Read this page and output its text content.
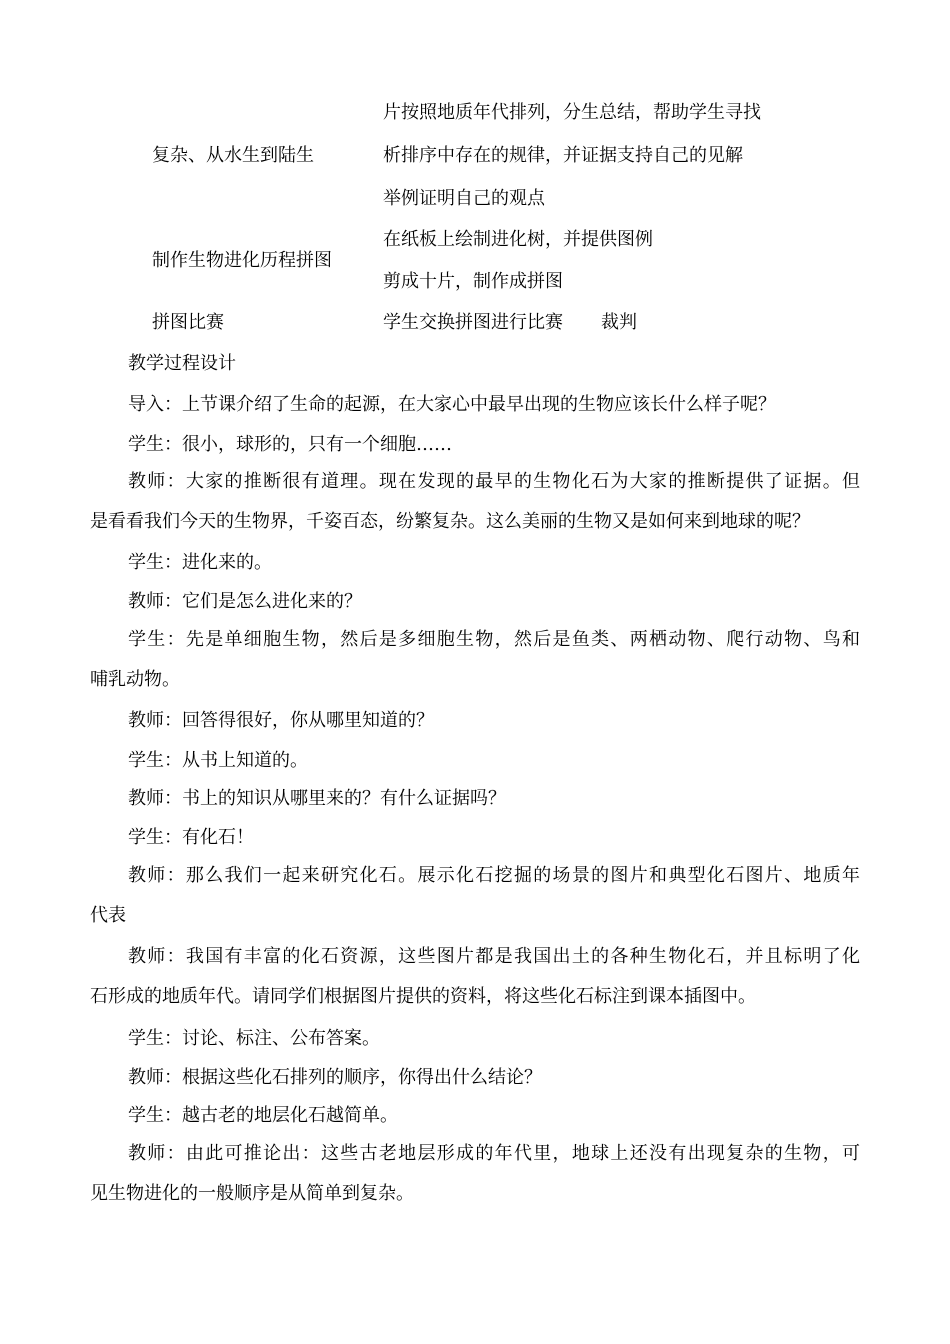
片按照地质年代排列，分生总结，帮助学生寻找
复杂、从水生到陆生	析排序中存在的规律，并证据支持自己的见解
举例证明自己的观点
在纸板上绘制进化树，并提供图例
制作生物进化历程拼图
剪成十片，制作成拼图
拼图比赛	学生交换拼图进行比赛 裁判
教学过程设计
导入：上节课介绍了生命的起源，在大家心中最早出现的生物应该长什么样子呢？
学生：很小，球形的，只有一个细胞……
教师：大家的推断很有道理。现在发现的最早的生物化石为大家的推断提供了证据。但
是看看我们今天的生物界，千姿百态，纷繁复杂。这么美丽的生物又是如何来到地球的呢？
学生：进化来的。
教师：它们是怎么进化来的？
学生：先是单细胞生物，然后是多细胞生物，然后是鱼类、两栖动物、爬行动物、鸟和
哺乳动物。
教师：回答得很好，你从哪里知道的？
学生：从书上知道的。
教师：书上的知识从哪里来的？有什么证据吗？
学生：有化石！
教师：那么我们一起来研究化石。展示化石挖掘的场景的图片和典型化石图片、地质年
代表
教师：我国有丰富的化石资源，这些图片都是我国出土的各种生物化石，并且标明了化
石形成的地质年代。请同学们根据图片提供的资料，将这些化石标注到课本插图中。
学生：讨论、标注、公布答案。
教师：根据这些化石排列的顺序，你得出什么结论？
学生：越古老的地层化石越简单。
教师：由此可推论出：这些古老地层形成的年代里，地球上还没有出现复杂的生物，可
见生物进化的一般顺序是从简单到复杂。
